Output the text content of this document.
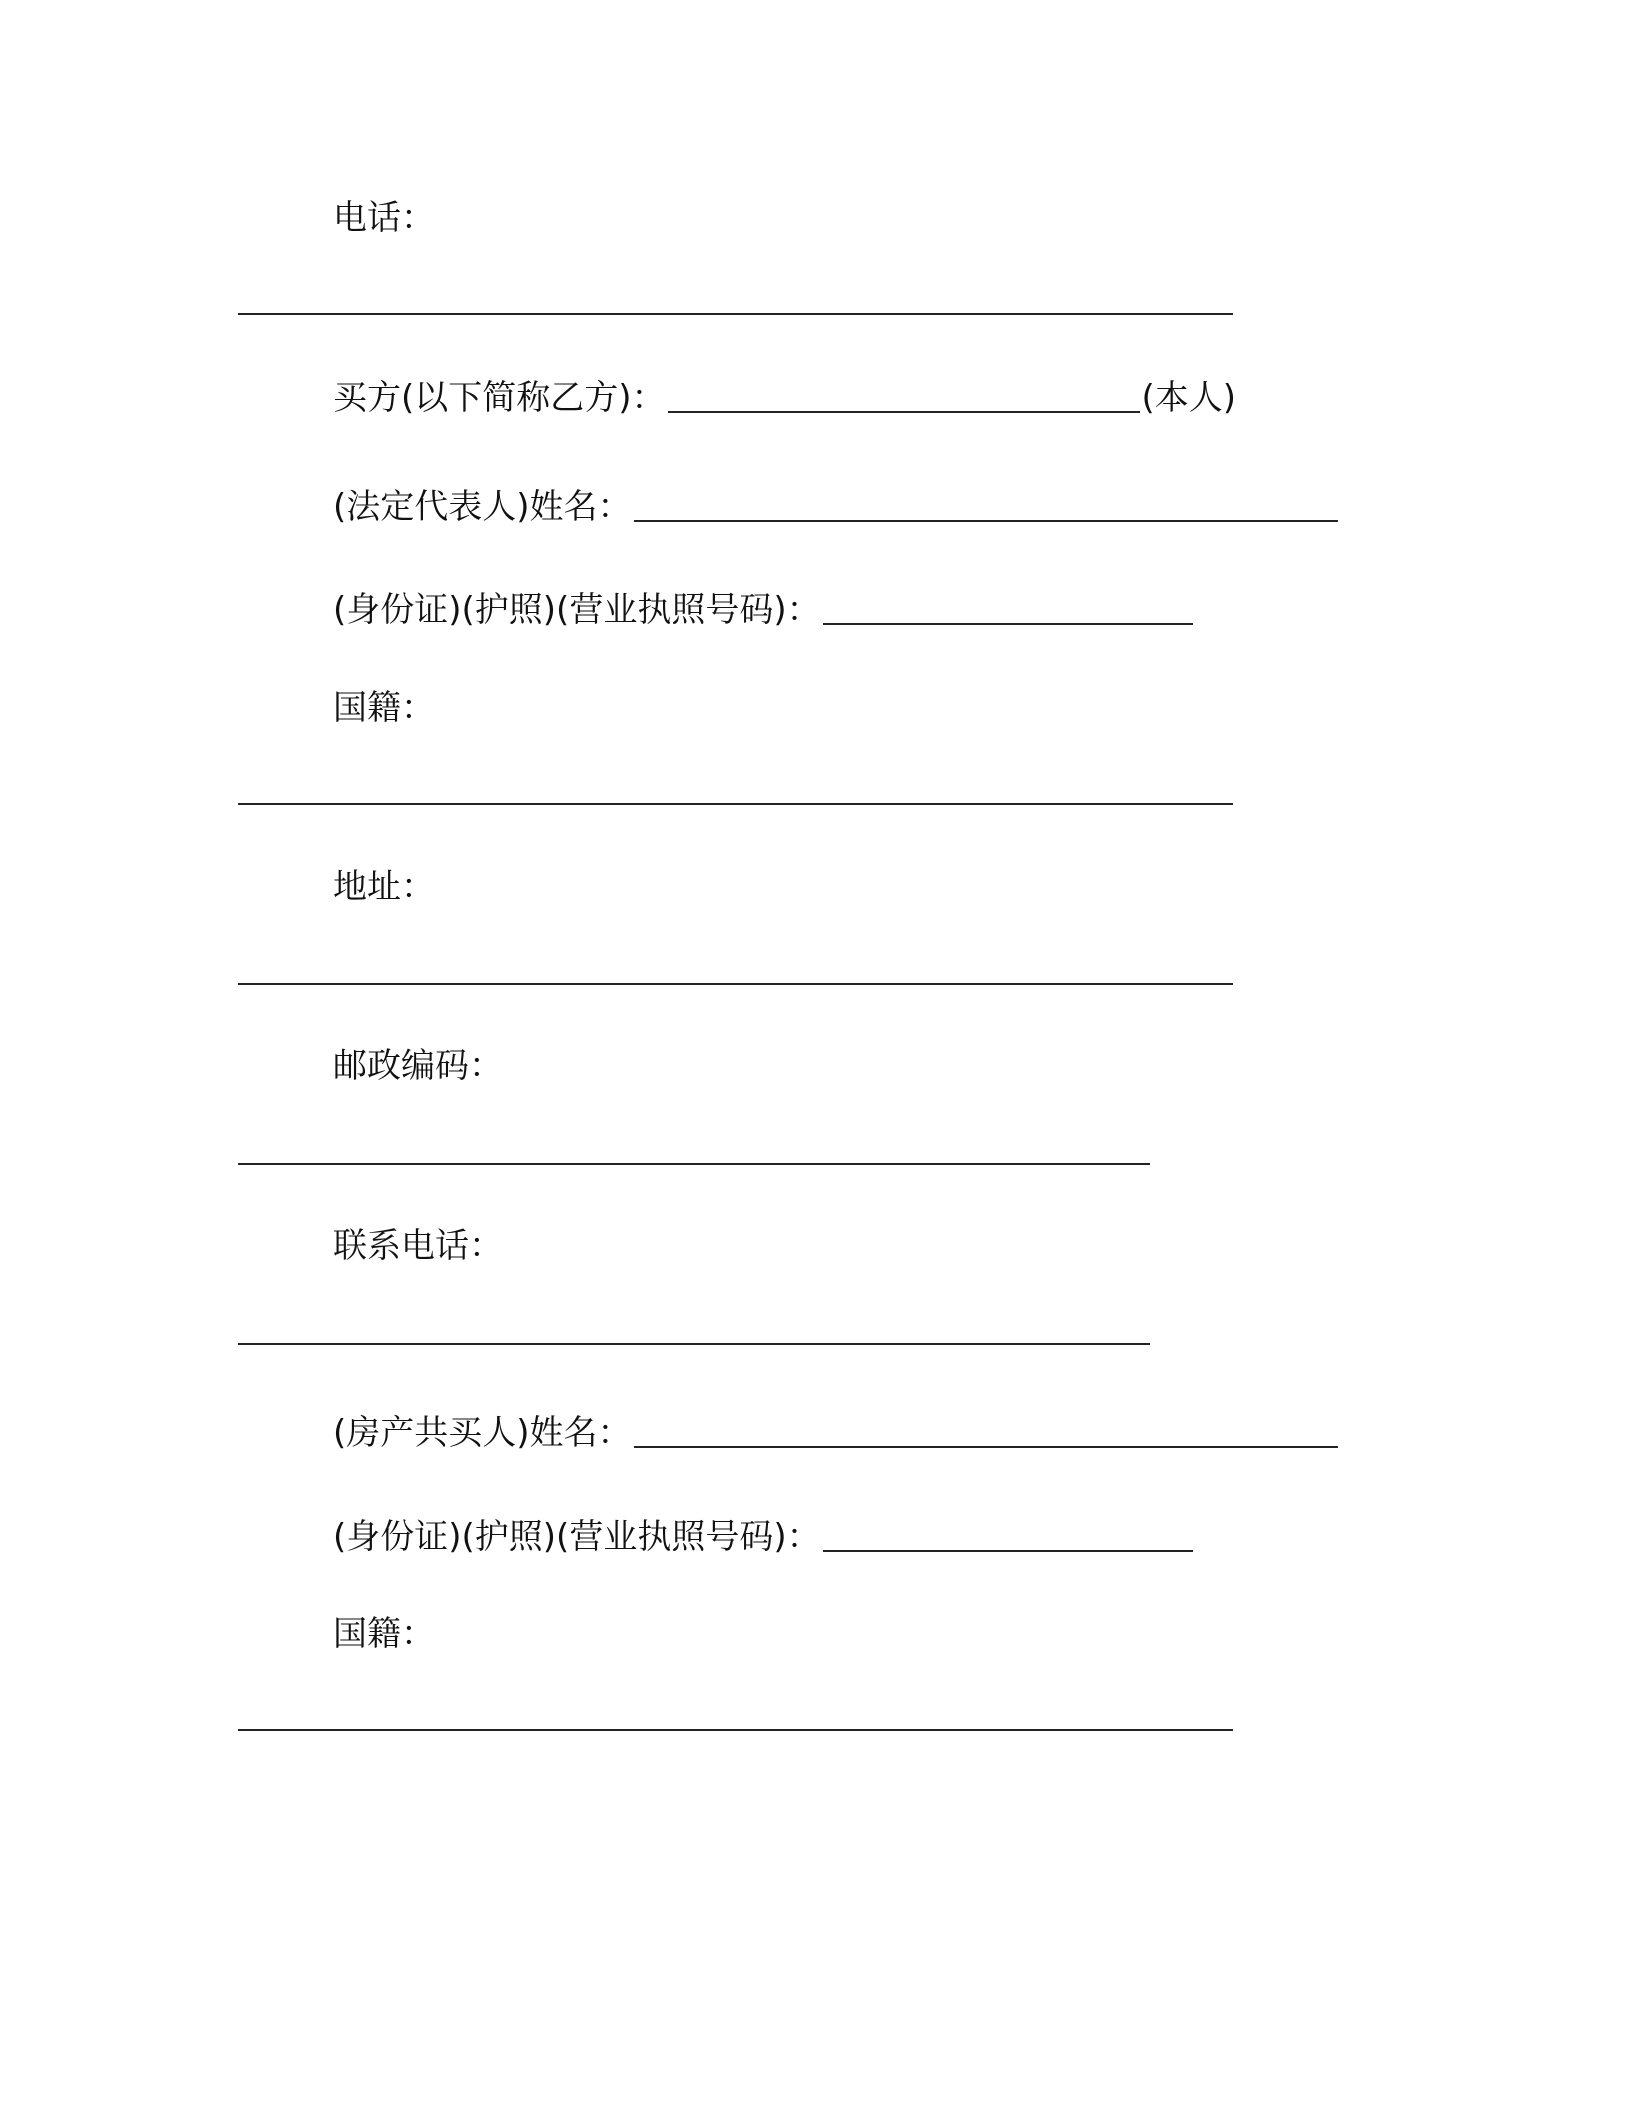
电话：
买方(以下简称乙方)：	(本人)
(法定代表人)姓名：
(身份证)(护照)(营业执照号码)：
国籍：
地址：
邮政编码：
联系电话：
(房产共买人)姓名：
(身份证)(护照)(营业执照号码)：
国籍：
